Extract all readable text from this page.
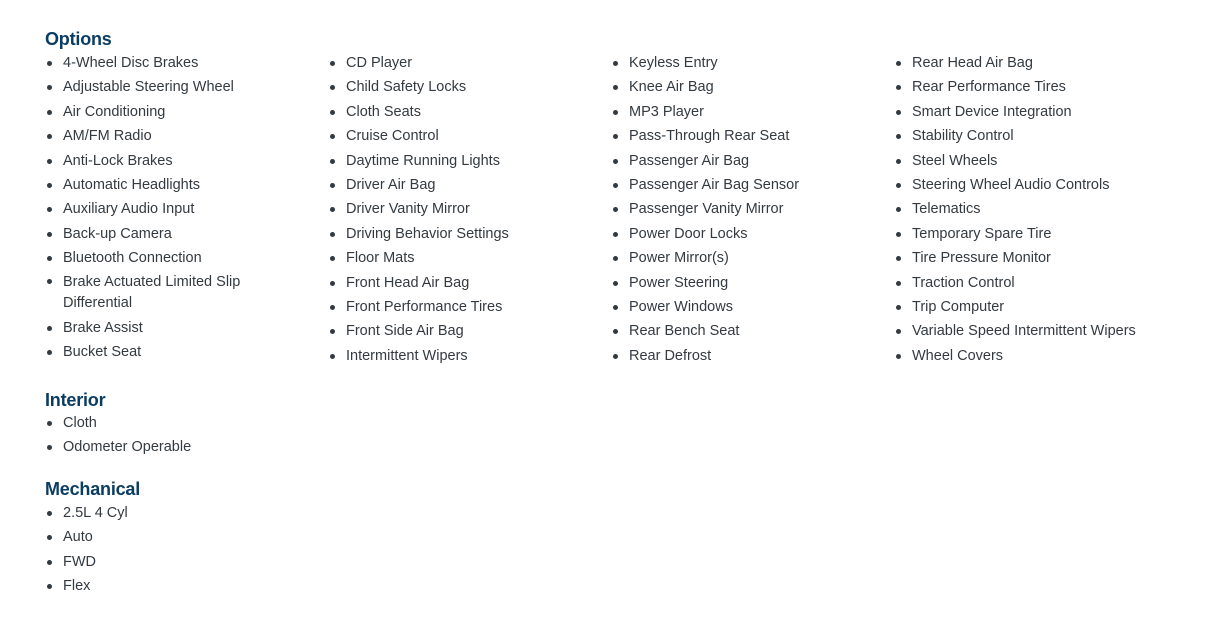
Options
4-Wheel Disc Brakes
Adjustable Steering Wheel
Air Conditioning
AM/FM Radio
Anti-Lock Brakes
Automatic Headlights
Auxiliary Audio Input
Back-up Camera
Bluetooth Connection
Brake Actuated Limited Slip Differential
Brake Assist
Bucket Seat
CD Player
Child Safety Locks
Cloth Seats
Cruise Control
Daytime Running Lights
Driver Air Bag
Driver Vanity Mirror
Driving Behavior Settings
Floor Mats
Front Head Air Bag
Front Performance Tires
Front Side Air Bag
Intermittent Wipers
Keyless Entry
Knee Air Bag
MP3 Player
Pass-Through Rear Seat
Passenger Air Bag
Passenger Air Bag Sensor
Passenger Vanity Mirror
Power Door Locks
Power Mirror(s)
Power Steering
Power Windows
Rear Bench Seat
Rear Defrost
Rear Head Air Bag
Rear Performance Tires
Smart Device Integration
Stability Control
Steel Wheels
Steering Wheel Audio Controls
Telematics
Temporary Spare Tire
Tire Pressure Monitor
Traction Control
Trip Computer
Variable Speed Intermittent Wipers
Wheel Covers
Interior
Cloth
Odometer Operable
Mechanical
2.5L 4 Cyl
Auto
FWD
Flex
